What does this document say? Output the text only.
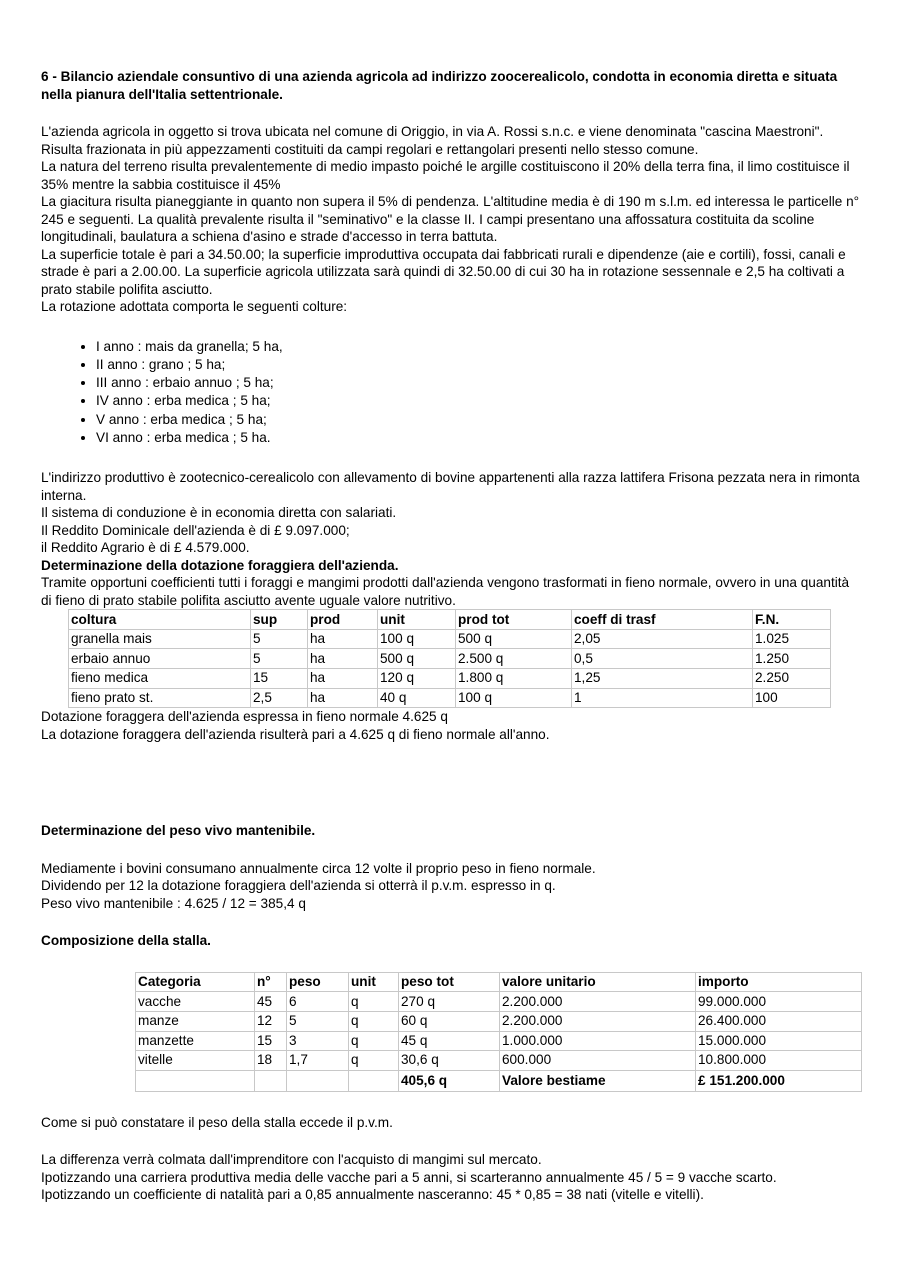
6 - Bilancio aziendale consuntivo di una azienda agricola ad indirizzo zoocerealicolo, condotta in economia diretta e situata nella pianura dell'Italia settentrionale.

L'azienda agricola in oggetto si trova ubicata nel comune di Origgio, in via A. Rossi s.n.c. e viene denominata "cascina Maestroni". Risulta frazionata in più appezzamenti costituiti da campi regolari e rettangolari presenti nello stesso comune.

La natura del terreno risulta prevalentemente di medio impasto poiché le argille costituiscono il 20% della terra fina, il limo costituisce il 35% mentre la sabbia costituisce il 45%

La giacitura risulta pianeggiante in quanto non supera il 5% di pendenza. L'altitudine media è di 190 m s.l.m. ed interessa le particelle n° 245 e seguenti. La qualità prevalente risulta il "seminativo" e la classe II. I campi presentano una affossatura costituita da scoline longitudinali, baulatura a schiena d'asino e strade d'accesso in terra battuta.

La superficie totale è pari a 34.50.00; la superficie improduttiva occupata dai fabbricati rurali e dipendenze (aie e cortili), fossi, canali e strade è pari a 2.00.00. La superficie agricola utilizzata sarà quindi di 32.50.00 di cui 30 ha in rotazione sessennale e 2,5 ha coltivati a prato stabile polifita asciutto.

La rotazione adottata comporta le seguenti colture:

• I anno : mais da granella; 5 ha,
• II anno : grano ; 5 ha;
• III anno : erbaio annuo ; 5 ha;
• IV anno : erba medica ; 5 ha;
• V anno : erba medica ; 5 ha;
• VI anno : erba medica ; 5 ha.

L'indirizzo produttivo è zootecnico-cerealicolo con allevamento di bovine appartenenti alla razza lattifera Frisona pezzata nera in rimonta interna.

Il sistema di conduzione è in economia diretta con salariati.

Il Reddito Dominicale dell'azienda è di £ 9.097.000;

il Reddito Agrario è di £ 4.579.000.

Determinazione della dotazione foraggiera dell'azienda.

Tramite opportuni coefficienti tutti i foraggi e mangimi prodotti dall'azienda vengono trasformati in fieno normale, ovvero in una quantità di fieno di prato stabile polifita asciutto avente uguale valore nutritivo.

coltura	sup	prod	unit	prod tot	coeff di trasf	F.N.
granella mais	5	ha	100 q	500 q	2,05	1.025
erbaio annuo	5	ha	500 q	2.500 q	0,5	1.250
fieno medica	15	ha	120 q	1.800 q	1,25	2.250
fieno prato st.	2,5	ha	40 q	100 q	1	100

Dotazione foraggera dell'azienda espressa in fieno normale 4.625 q

La dotazione foraggera dell'azienda risulterà pari a 4.625 q di fieno normale all'anno.

Determinazione del peso vivo mantenibile.

Mediamente i bovini consumano annualmente circa 12 volte il proprio peso in fieno normale.

Dividendo per 12 la dotazione foraggiera dell'azienda si otterrà il p.v.m. espresso in q.

Peso vivo mantenibile : 4.625 / 12 = 385,4 q

Composizione della stalla.

Categoria	n°	peso	unit	peso tot	valore unitario	importo
vacche	45	6	q	270 q	2.200.000	99.000.000
manze	12	5	q	60 q	2.200.000	26.400.000
manzette	15	3	q	45 q	1.000.000	15.000.000
vitelle	18	1,7	q	30,6 q	600.000	10.800.000
				405,6 q	Valore bestiame	£ 151.200.000

Come si può constatare il peso della stalla eccede il p.v.m.

La differenza verrà colmata dall'imprenditore con l'acquisto di mangimi sul mercato.

Ipotizzando una carriera produttiva media delle vacche pari a 5 anni, si scarteranno annualmente 45 / 5 = 9 vacche scarto.

Ipotizzando un coefficiente di natalità pari a 0,85 annualmente nasceranno: 45 * 0,85 = 38 nati (vitelle e vitelli).
